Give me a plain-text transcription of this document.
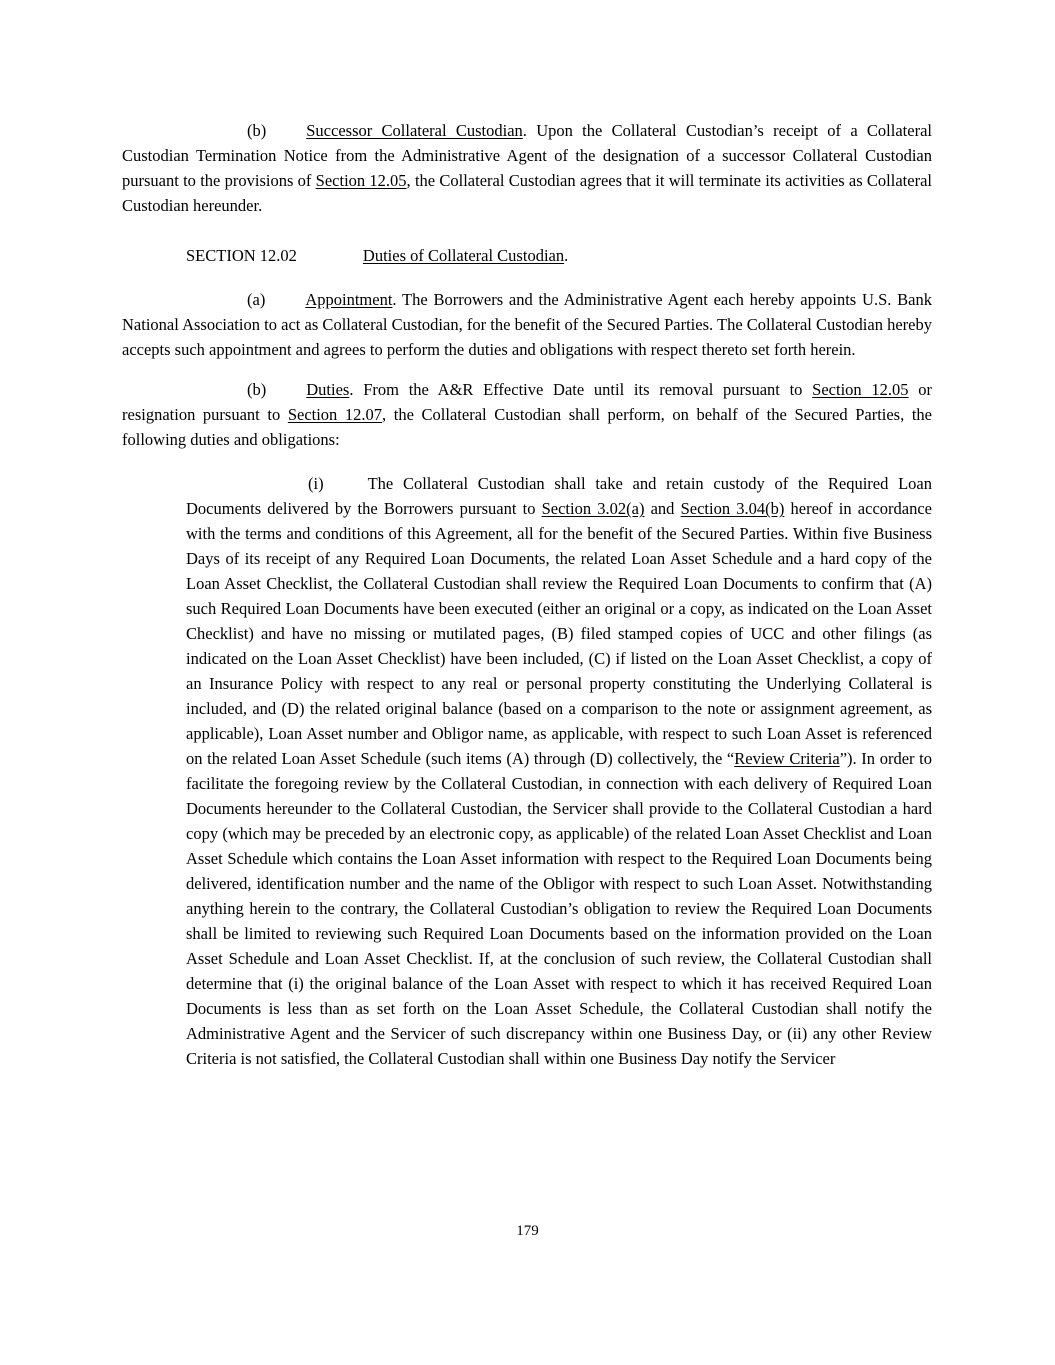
(b) Successor Collateral Custodian. Upon the Collateral Custodian’s receipt of a Collateral Custodian Termination Notice from the Administrative Agent of the designation of a successor Collateral Custodian pursuant to the provisions of Section 12.05, the Collateral Custodian agrees that it will terminate its activities as Collateral Custodian hereunder.

SECTION 12.02	Duties of Collateral Custodian.

(a) Appointment. The Borrowers and the Administrative Agent each hereby appoints U.S. Bank National Association to act as Collateral Custodian, for the benefit of the Secured Parties. The Collateral Custodian hereby accepts such appointment and agrees to perform the duties and obligations with respect thereto set forth herein.

(b) Duties. From the A&R Effective Date until its removal pursuant to Section 12.05 or resignation pursuant to Section 12.07, the Collateral Custodian shall perform, on behalf of the Secured Parties, the following duties and obligations:

(i)	The Collateral Custodian shall take and retain custody of the Required Loan Documents delivered by the Borrowers pursuant to Section 3.02(a) and Section 3.04(b) hereof in accordance with the terms and conditions of this Agreement, all for the benefit of the Secured Parties. Within five Business Days of its receipt of any Required Loan Documents, the related Loan Asset Schedule and a hard copy of the Loan Asset Checklist, the Collateral Custodian shall review the Required Loan Documents to confirm that (A) such Required Loan Documents have been executed (either an original or a copy, as indicated on the Loan Asset Checklist) and have no missing or mutilated pages, (B) filed stamped copies of UCC and other filings (as indicated on the Loan Asset Checklist) have been included, (C) if listed on the Loan Asset Checklist, a copy of an Insurance Policy with respect to any real or personal property constituting the Underlying Collateral is included, and (D) the related original balance (based on a comparison to the note or assignment agreement, as applicable), Loan Asset number and Obligor name, as applicable, with respect to such Loan Asset is referenced on the related Loan Asset Schedule (such items (A) through (D) collectively, the “Review Criteria”). In order to facilitate the foregoing review by the Collateral Custodian, in connection with each delivery of Required Loan Documents hereunder to the Collateral Custodian, the Servicer shall provide to the Collateral Custodian a hard copy (which may be preceded by an electronic copy, as applicable) of the related Loan Asset Checklist and Loan Asset Schedule which contains the Loan Asset information with respect to the Required Loan Documents being delivered, identification number and the name of the Obligor with respect to such Loan Asset. Notwithstanding anything herein to the contrary, the Collateral Custodian’s obligation to review the Required Loan Documents shall be limited to reviewing such Required Loan Documents based on the information provided on the Loan Asset Schedule and Loan Asset Checklist. If, at the conclusion of such review, the Collateral Custodian shall determine that (i) the original balance of the Loan Asset with respect to which it has received Required Loan Documents is less than as set forth on the Loan Asset Schedule, the Collateral Custodian shall notify the Administrative Agent and the Servicer of such discrepancy within one Business Day, or (ii) any other Review Criteria is not satisfied, the Collateral Custodian shall within one Business Day notify the Servicer

179
